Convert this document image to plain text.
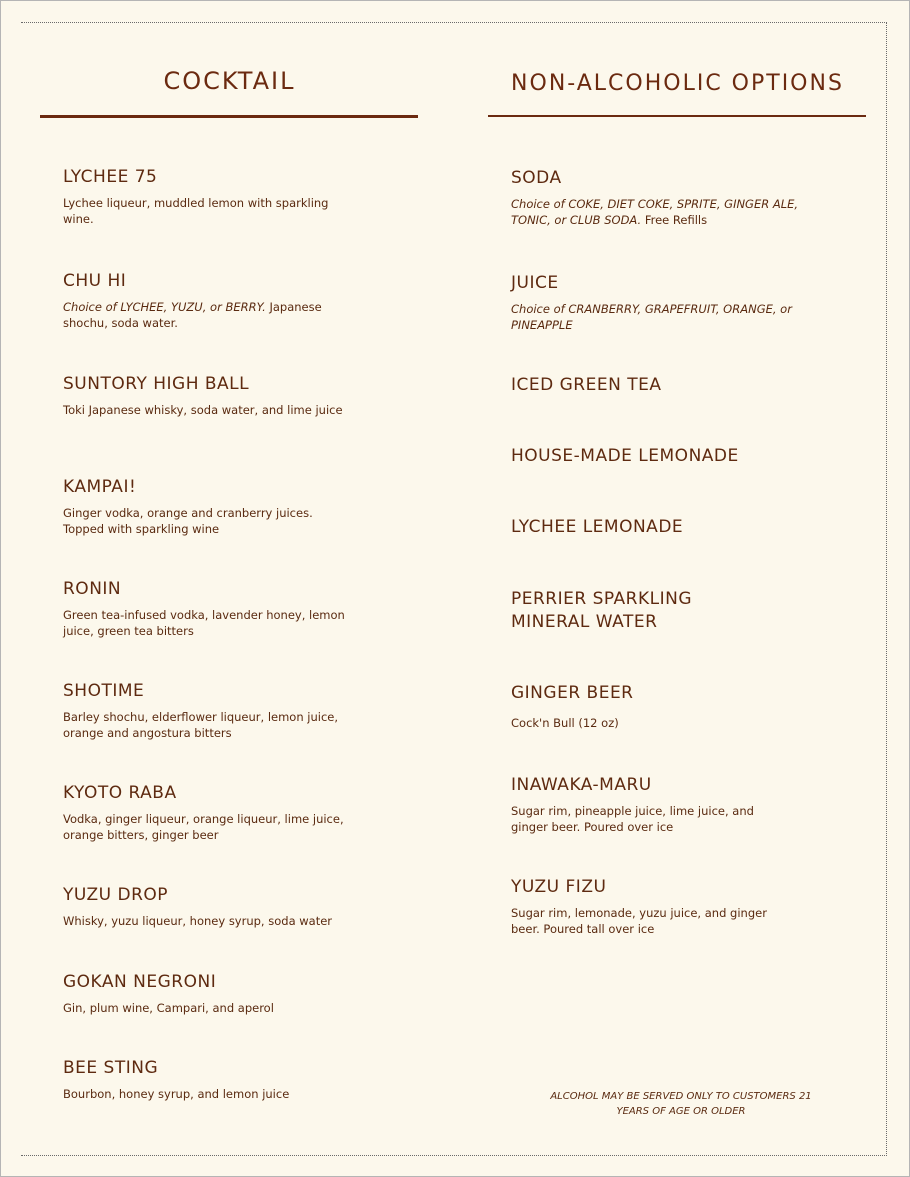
COCKTAIL	NON-ALCOHOLIC OPTIONS
LYCHEE 75
Lychee liqueur, muddled lemon with sparkling wine.
CHU HI
Choice of LYCHEE, YUZU, or BERRY. Japanese shochu, soda water.
SUNTORY HIGH BALL
Toki Japanese whisky, soda water, and lime juice
KAMPAI!
Ginger vodka, orange and cranberry juices. Topped with sparkling wine
RONIN
Green tea-infused vodka, lavender honey, lemon juice, green tea bitters
SHOTIME
Barley shochu, elderflower liqueur, lemon juice, orange and angostura bitters
KYOTO RABA
Vodka, ginger liqueur, orange liqueur, lime juice, orange bitters, ginger beer
YUZU DROP
Whisky, yuzu liqueur, honey syrup, soda water
GOKAN NEGRONI
Gin, plum wine, Campari, and aperol
BEE STING
Bourbon, honey syrup, and lemon juice
SODA
Choice of COKE, DIET COKE, SPRITE, GINGER ALE, TONIC, or CLUB SODA. Free Refills
JUICE
Choice of CRANBERRY, GRAPEFRUIT, ORANGE, or PINEAPPLE
ICED GREEN TEA
HOUSE-MADE LEMONADE
LYCHEE LEMONADE
PERRIER SPARKLING MINERAL WATER
GINGER BEER
Cock'n Bull (12 oz)
INAWAKA-MARU
Sugar rim, pineapple juice, lime juice, and ginger beer. Poured over ice
YUZU FIZU
Sugar rim, lemonade, yuzu juice, and ginger beer. Poured tall over ice
ALCOHOL MAY BE SERVED ONLY TO CUSTOMERS 21 YEARS OF AGE OR OLDER
